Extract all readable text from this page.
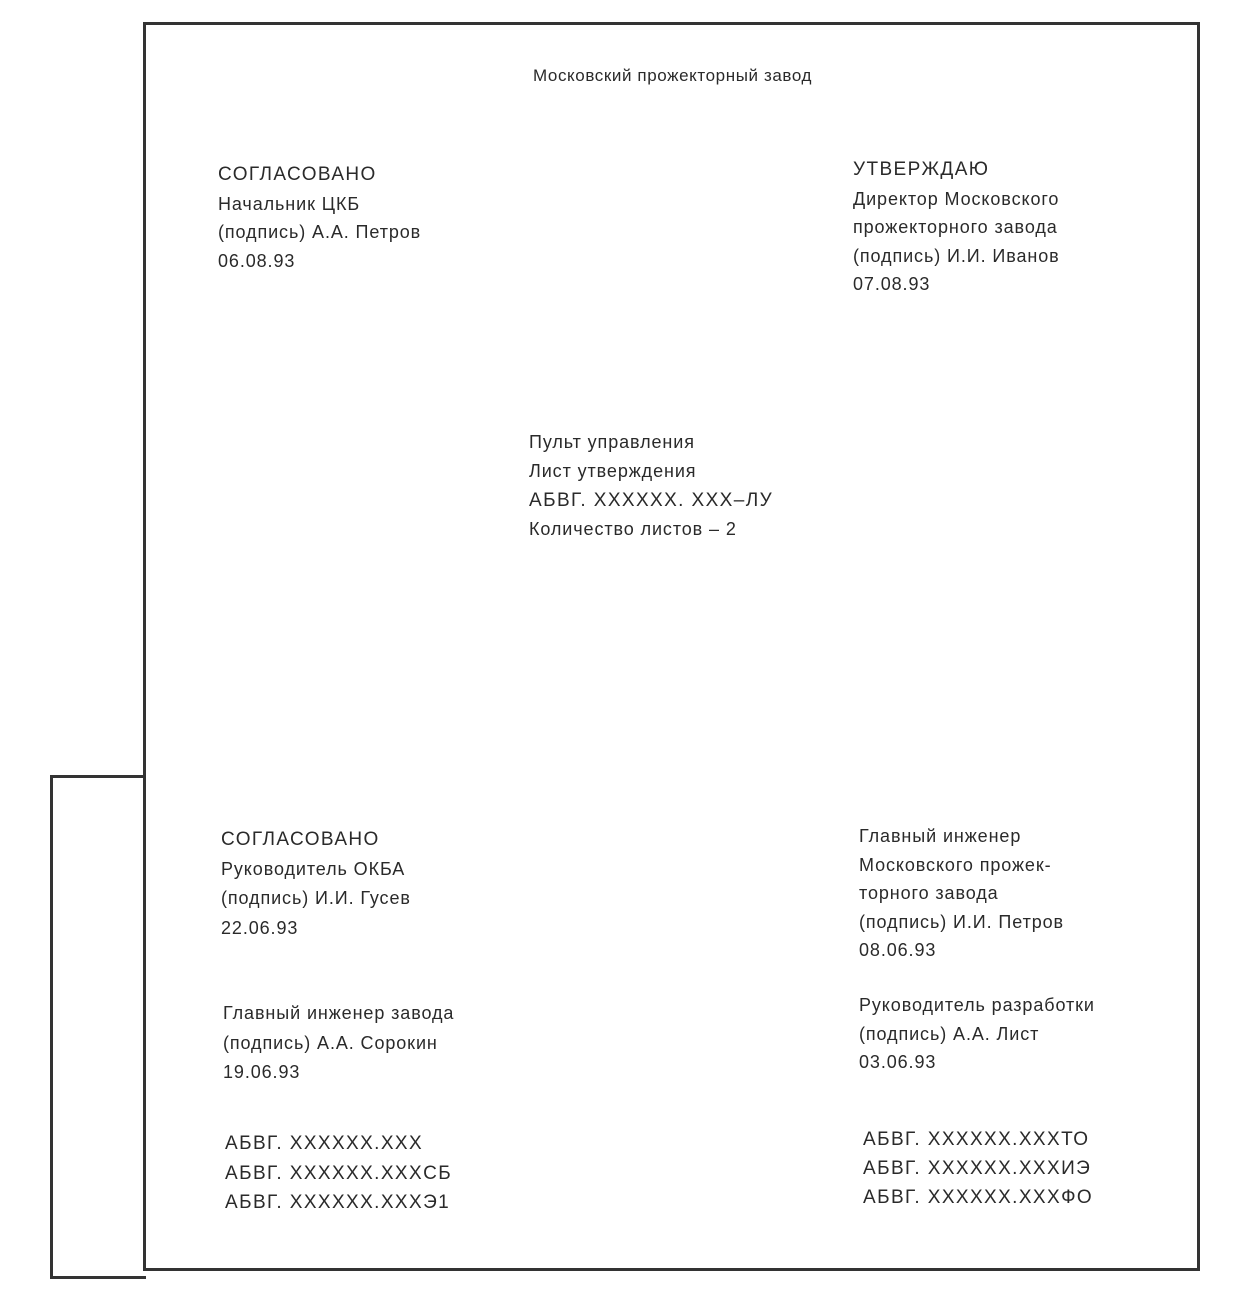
Московский прожекторный завод
СОГЛАСОВАНО
Начальник ЦКБ
(подпись) А.А. Петров
06.08.93
УТВЕРЖДАЮ
Директор Московского
прожекторного завода
(подпись) И.И. Иванов
07.08.93
Пульт управления
Лист утверждения
АБВГ. XXXXXX. XXX–ЛУ
Количество листов – 2
СОГЛАСОВАНО
Руководитель ОКБА
(подпись) И.И. Гусев
22.06.93
Главный инженер завода
(подпись) А.А. Сорокин
19.06.93
Главный инженер
Московского прожек-
торного завода
(подпись) И.И. Петров
08.06.93
Руководитель разработки
(подпись) А.А. Лист
03.06.93
АБВГ. XXXXXX.XXX
АБВГ. XXXXXX.XXXСБ
АБВГ. XXXXXX.XXXЭ1
АБВГ. XXXXXX.XXXТО
АБВГ. XXXXXX.XXXИЭ
АБВГ. XXXXXX.XXXФО
